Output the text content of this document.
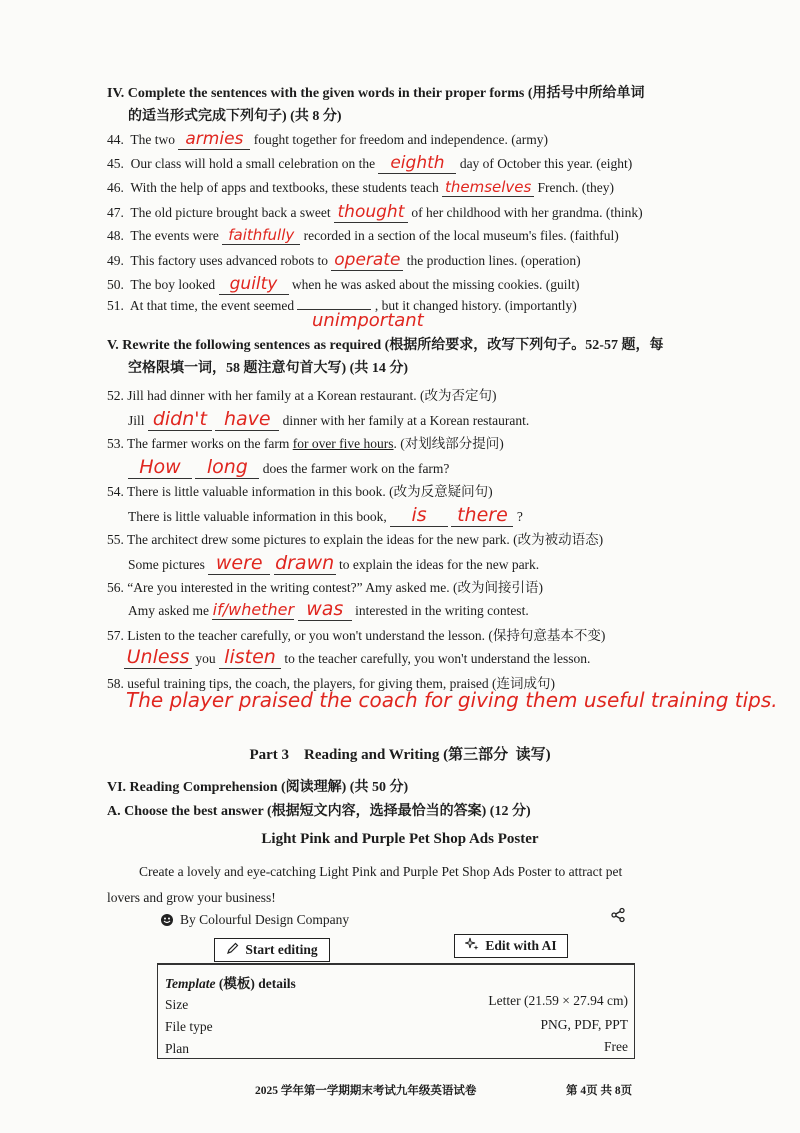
IV. Complete the sentences with the given words in their proper forms (用括号中所给单词
的适当形式完成下列句子) (共 8 分)
44. The two armies fought together for freedom and independence. (army)
45. Our class will hold a small celebration on the eighth day of October this year. (eight)
46. With the help of apps and textbooks, these students teach themselves French. (they)
47. The old picture brought back a sweet thought of her childhood with her grandma. (think)
48. The events were faithfully recorded in a section of the local museum's files. (faithful)
49. This factory uses advanced robots to operate the production lines. (operation)
50. The boy looked guilty when he was asked about the missing cookies. (guilt)
51. At that time, the event seemed	, but it changed history. (importantly)
unimportant
V. Rewrite the following sentences as required (根据所给要求，改写下列句子。52-57 题，每
空格限填一词，58 题注意句首大写) (共 14 分)
52. Jill had dinner with her family at a Korean restaurant. (改为否定句)
Jill didn't have dinner with her family at a Korean restaurant.
53. The farmer works on the farm for over five hours. (对划线部分提问)
How long does the farmer work on the farm?
54. There is little valuable information in this book. (改为反意疑问句)
There is little valuable information in this book, is there ?
55. The architect drew some pictures to explain the ideas for the new park. (改为被动语态)
Some pictures were drawn to explain the ideas for the new park.
56. “Are you interested in the writing contest?” Amy asked me. (改为间接引语)
Amy asked me if/whether was interested in the writing contest.
57. Listen to the teacher carefully, or you won't understand the lesson. (保持句意基本不变)
Unless you listen to the teacher carefully, you won't understand the lesson.
58. useful training tips, the coach, the players, for giving them, praised (连词成句)
The player praised the coach for giving them useful training tips.
Part 3    Reading and Writing (第三部分  读写)
VI. Reading Comprehension (阅读理解) (共 50 分)
A. Choose the best answer (根据短文内容，选择最恰当的答案) (12 分)
Light Pink and Purple Pet Shop Ads Poster
Create a lovely and eye-catching Light Pink and Purple Pet Shop Ads Poster to attract pet
lovers and grow your business!
By Colourful Design Company
Start editing	Edit with AI
Template (模板) details
Size	Letter (21.59 × 27.94 cm)
File type	PNG, PDF, PPT
Plan	Free
2025 学年第一学期期末考试九年级英语试卷	第 4页 共 8页
